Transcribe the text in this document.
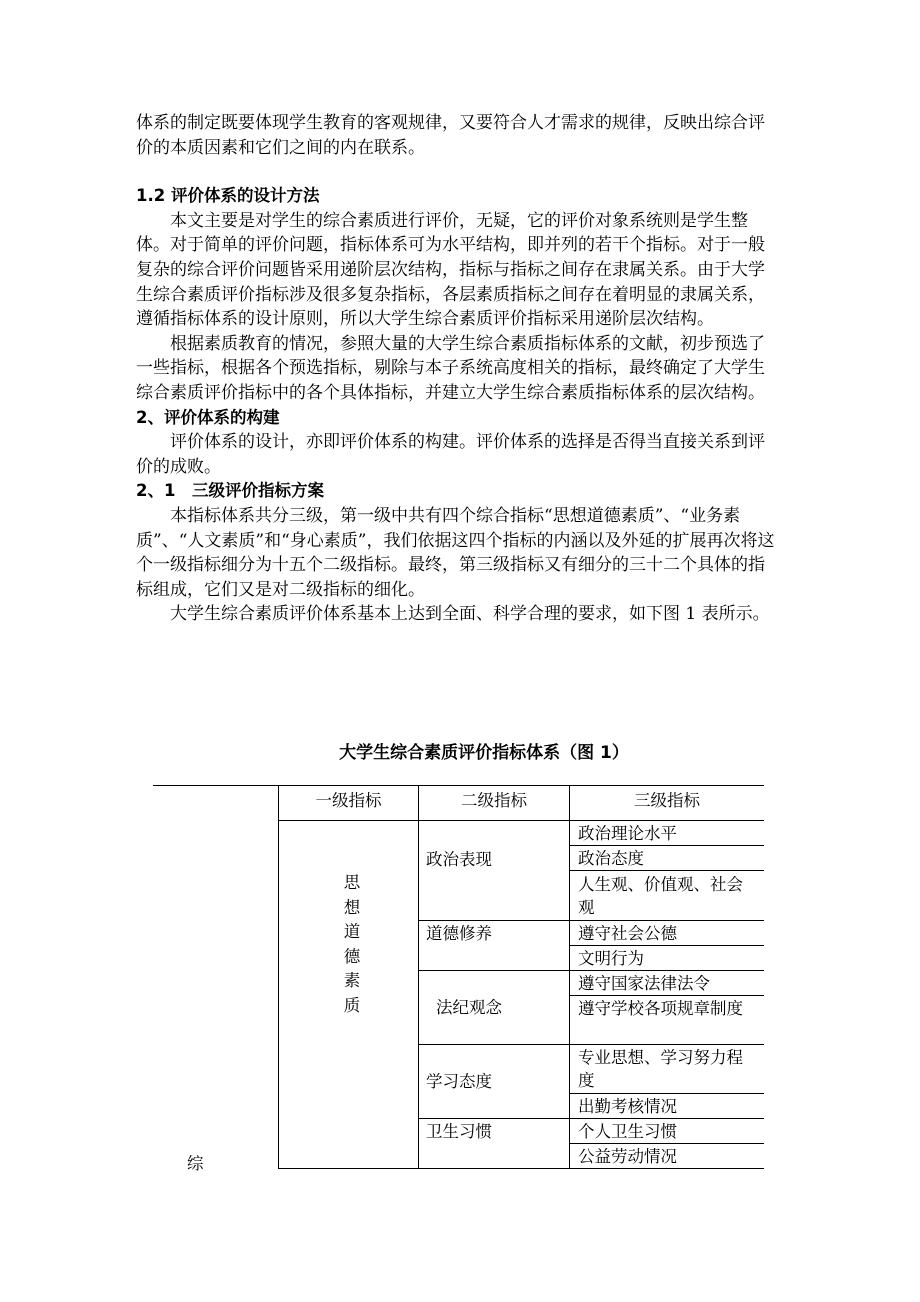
体系的制定既要体现学生教育的客观规律，又要符合人才需求的规律，反映出综合评价的本质因素和它们之间的内在联系。

1.2 评价体系的设计方法

本文主要是对学生的综合素质进行评价，无疑，它的评价对象系统则是学生整体。对于简单的评价问题，指标体系可为水平结构，即并列的若干个指标。对于一般复杂的综合评价问题皆采用递阶层次结构，指标与指标之间存在隶属关系。由于大学生综合素质评价指标涉及很多复杂指标，各层素质指标之间存在着明显的隶属关系，遵循指标体系的设计原则，所以大学生综合素质评价指标采用递阶层次结构。

根据素质教育的情况，参照大量的大学生综合素质指标体系的文献，初步预选了一些指标，根据各个预选指标，剔除与本子系统高度相关的指标，最终确定了大学生综合素质评价指标中的各个具体指标，并建立大学生综合素质指标体系的层次结构。

2、评价体系的构建

评价体系的设计，亦即评价体系的构建。评价体系的选择是否得当直接关系到评价的成败。

2、1　三级评价指标方案

本指标体系共分三级，第一级中共有四个综合指标“思想道德素质”、“业务素质”、“人文素质”和“身心素质”，我们依据这四个指标的内涵以及外延的扩展再次将这个一级指标细分为十五个二级指标。最终，第三级指标又有细分的三十二个具体的指标组成，它们又是对二级指标的细化。

大学生综合素质评价体系基本上达到全面、科学合理的要求，如下图 1 表所示。

大学生综合素质评价指标体系（图 1）
一级指标	二级指标	三级指标
思
想
道
德
素
质
综
政治表现
道德修养
法纪观念
学习态度
卫生习惯
政治理论水平
政治态度
人生观、价值观、社会观
遵守社会公德
文明行为
遵守国家法律法令
遵守学校各项规章制度
专业思想、学习努力程度
出勤考核情况
个人卫生习惯
公益劳动情况
